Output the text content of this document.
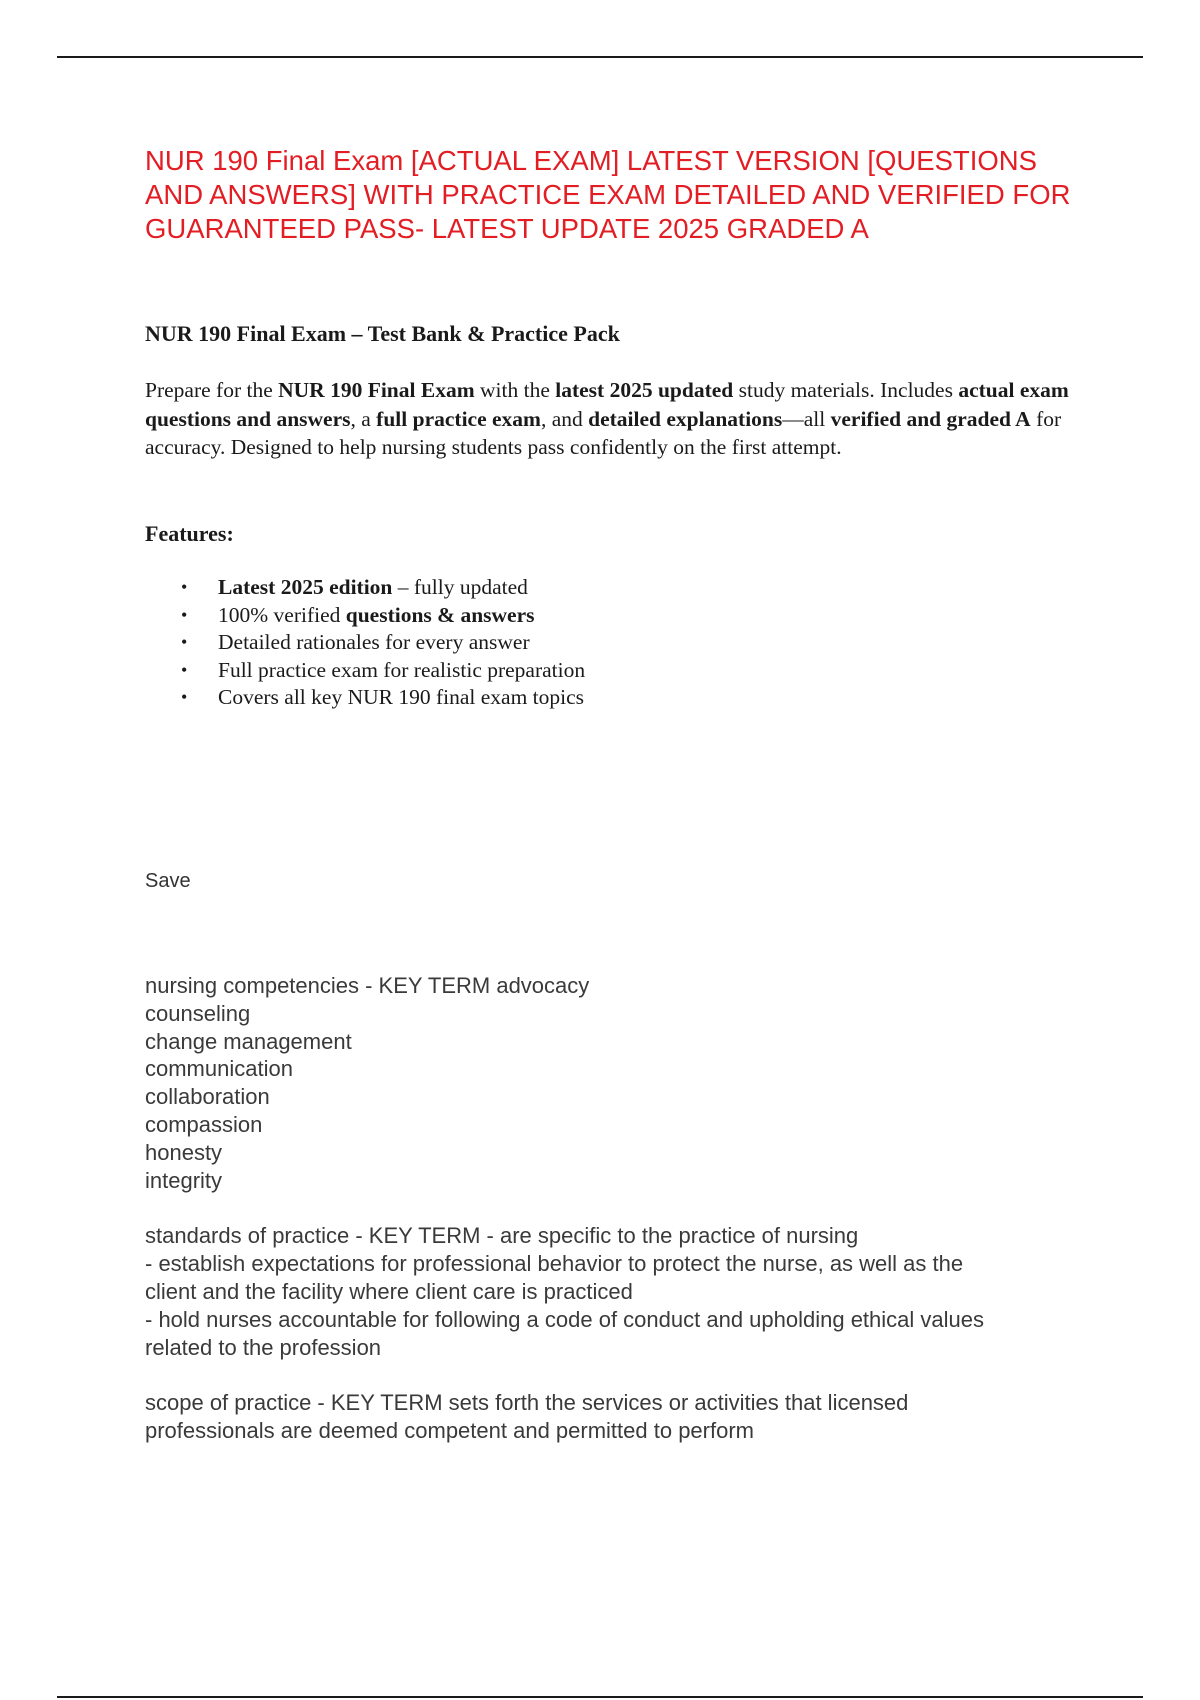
NUR 190 Final Exam [ACTUAL EXAM] LATEST VERSION [QUESTIONS AND ANSWERS] WITH PRACTICE EXAM DETAILED AND VERIFIED FOR GUARANTEED PASS- LATEST UPDATE 2025 GRADED A

NUR 190 Final Exam – Test Bank & Practice Pack

Prepare for the NUR 190 Final Exam with the latest 2025 updated study materials. Includes actual exam questions and answers, a full practice exam, and detailed explanations—all verified and graded A for accuracy. Designed to help nursing students pass confidently on the first attempt.

Features:

• Latest 2025 edition – fully updated
• 100% verified questions & answers
• Detailed rationales for every answer
• Full practice exam for realistic preparation
• Covers all key NUR 190 final exam topics

Save

nursing competencies - KEY TERM advocacy
counseling
change management
communication
collaboration
compassion
honesty
integrity

standards of practice - KEY TERM - are specific to the practice of nursing
- establish expectations for professional behavior to protect the nurse, as well as the
client and the facility where client care is practiced
- hold nurses accountable for following a code of conduct and upholding ethical values
related to the profession

scope of practice - KEY TERM sets forth the services or activities that licensed
professionals are deemed competent and permitted to perform
